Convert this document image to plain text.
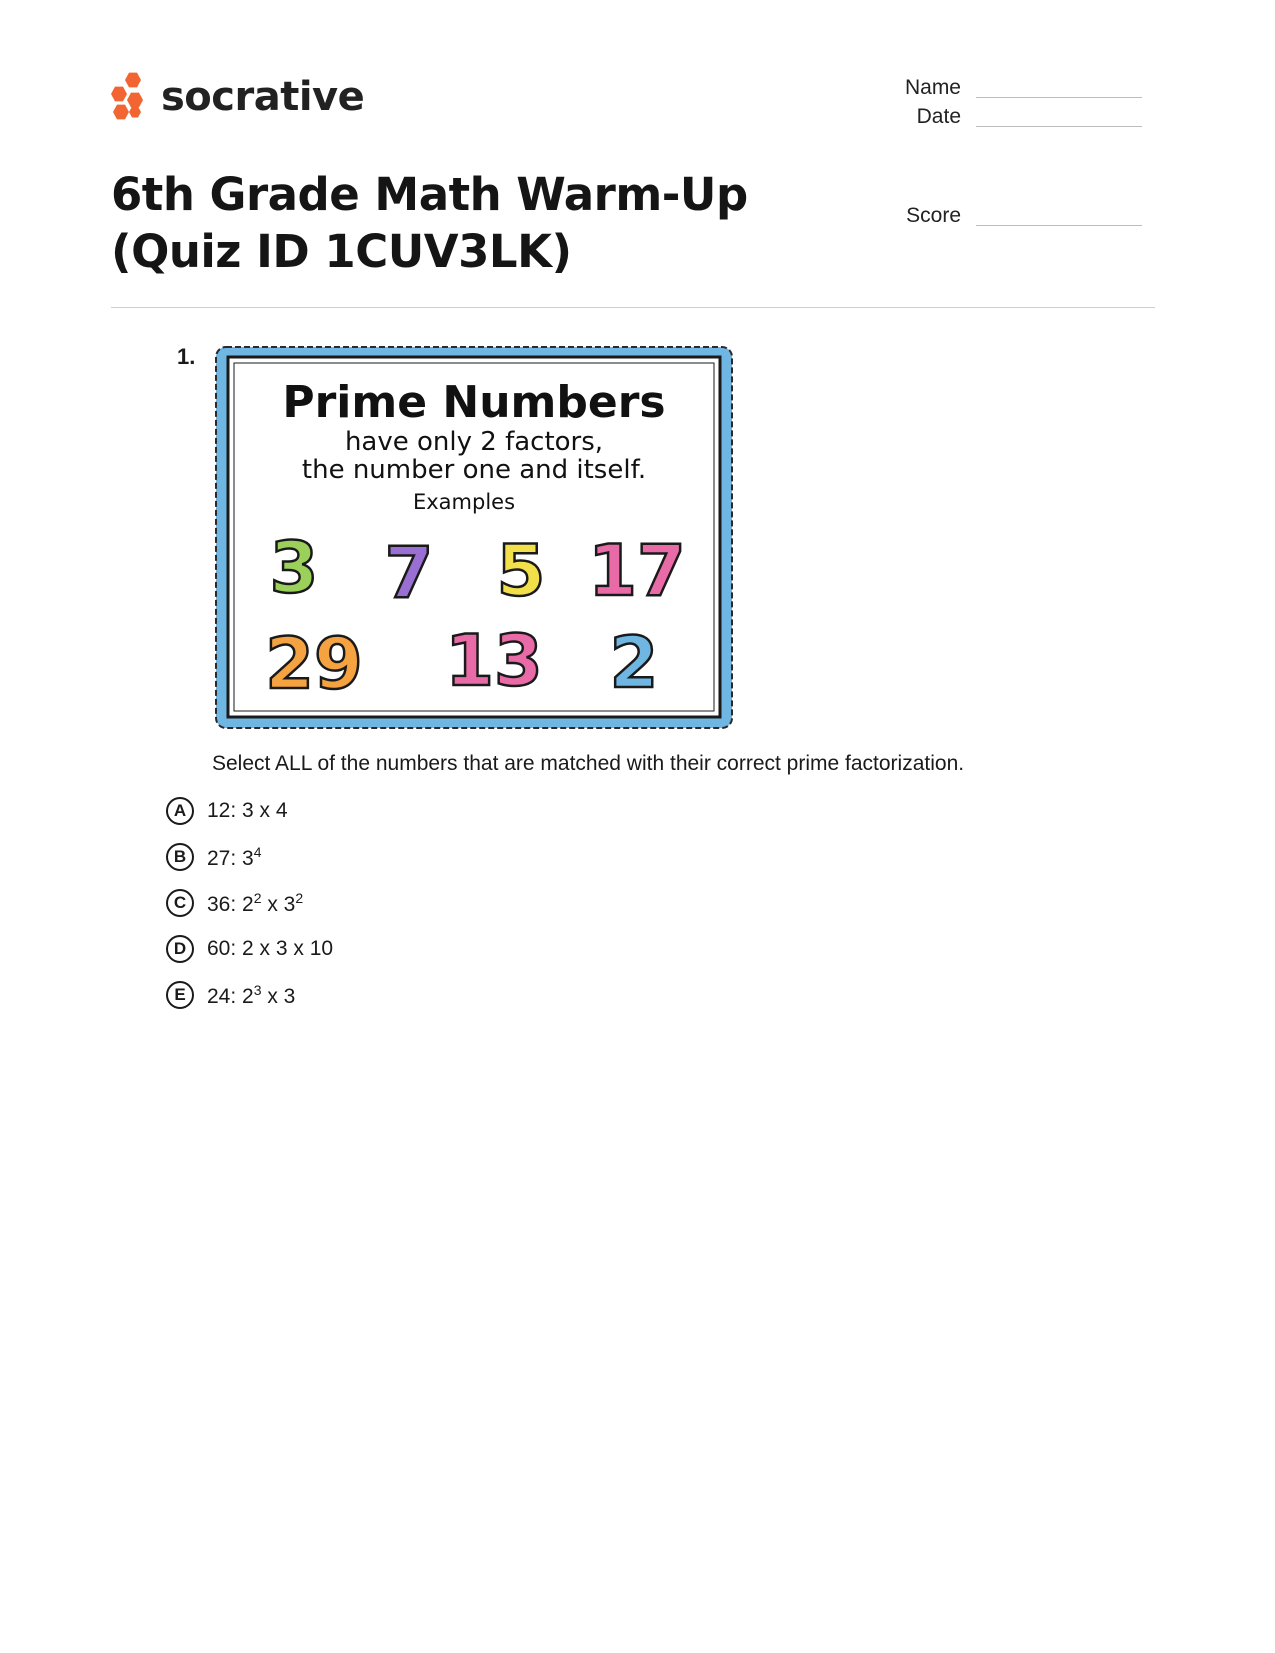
socrative	Name
Date
Score
6th Grade Math Warm-Up (Quiz ID 1CUV3LK)
1.
Prime Numbers
have only 2 factors,
the number one and itself.
Examples
3 7 5 17
29 13 2
Select ALL of the numbers that are matched with their correct prime factorization.
A 12: 3 x 4
B 27: $3^4$
C 36: $2^2$ x $3^2$
D 60: 2 x 3 x 10
E	24: $2^3$ x 3
